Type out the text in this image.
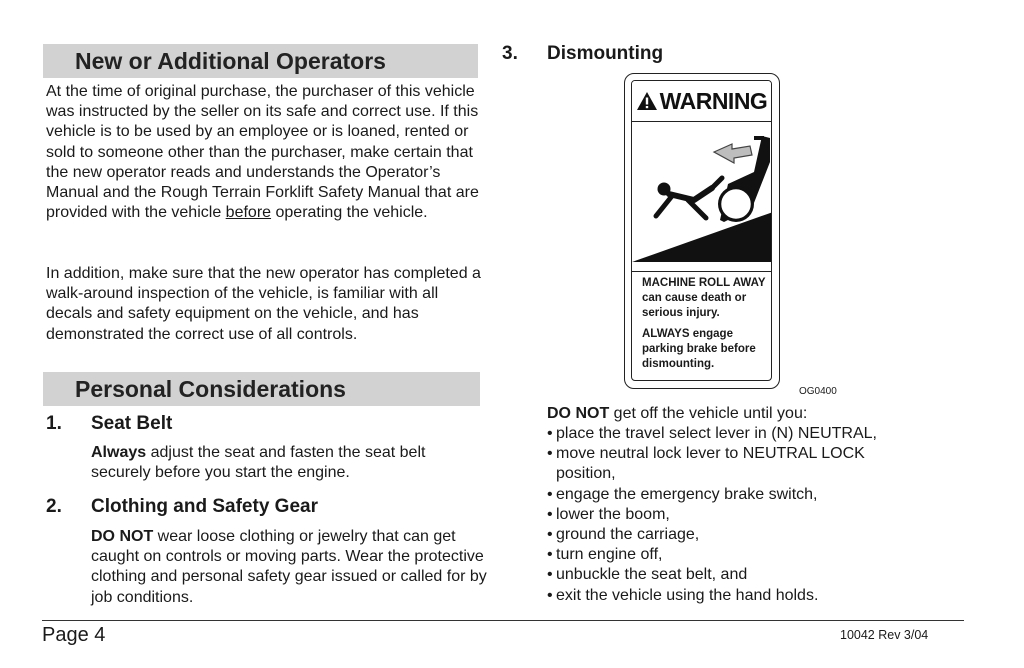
New or Additional Operators

At the time of original purchase, the purchaser of this vehicle was instructed by the seller on its safe and correct use. If this vehicle is to be used by an employee or is loaned, rented or sold to someone other than the purchaser, make certain that the new operator reads and understands the Operator’s Manual and the Rough Terrain Forklift Safety Manual that are provided with the vehicle before operating the vehicle.

In addition, make sure that the new operator has completed a walk-around inspection of the vehicle, is familiar with all decals and safety equipment on the vehicle, and has demonstrated the correct use of all controls.

Personal Considerations
1. Seat Belt

Always adjust the seat and fasten the seat belt securely before you start the engine.

2. Clothing and Safety Gear

DO NOT wear loose clothing or jewelry that can get caught on controls or moving parts. Wear the protective clothing and personal safety gear issued or called for by job conditions.

3. Dismounting
WARNING
MACHINE ROLL AWAY
can cause death or
serious injury.
ALWAYS engage
parking brake before
dismounting.
OG0400

DO NOT get off the vehicle until you:

• place the travel select lever in (N) NEUTRAL,
• move neutral lock lever to NEUTRAL LOCK position,
• engage the emergency brake switch,
• lower the boom,
• ground the carriage,
• turn engine off,
• unbuckle the seat belt, and
• exit the vehicle using the hand holds.
Page 4	10042 Rev 3/04
